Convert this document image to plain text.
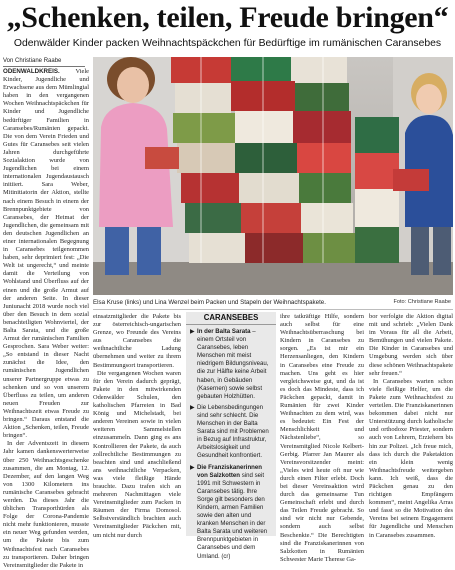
„Schenken, teilen, Freude bringen“
Odenwälder Kinder packen Weihnachtspäckchen für Bedürftige im rumänischen Caransebes
Von Christiane Raabe

ODENWALDKREIS. Viele Kinder, Jugendliche und Erwachsene aus dem Mümlingtal haben in den vergangenen Wochen Weihnachtspäckchen für Kinder und Jugendliche bedürftiger Familien in Caransebes/Rumänien gepackt. Die von dem Verein Frieden und Gutes für Caransebes seit vielen Jahren durchgeführte Sozialaktion wurde von Jugendlichen bei einem internationalen Jugendaustausch initiiert. Sara Weber, Mitinitiatorin der Aktion, stellte nach einem Besuch in einem der Brennpunktgebiete von Caransebes, der Heimat der Jugendlichen, die gemeinsam mit den deutschen Jugendlichen an einer internationalen Begegnung in Caransebes teilgenommen haben, sehr deprimiert fest: „Die Welt ist ungerecht,“ und meinte damit die Verteilung von Wohlstand und Überfluss auf der einen und die große Armut auf der anderen Seite. In dieser Juniunacht 2018 wurde noch viel über den Besuch in dem sozial benachteiligten Wohnviertel, der Balta Sarata, und die große Armut der rumänischen Familien Gesprochen. Sara Weber weiter: „So entstand in dieser Nacht zunächst die Idee, den rumänischen Jugendlichen unserer Partnergruppe etwas zu schenken und so von unserem Überfluss zu teilen, um anderen neuen Freuden zur Weihnachtszeit etwas Freude zu bringen.“ Daraus entstand die Aktion „Schenken, teilen, Freude bringen“.

In der Adventszeit in diesem Jahr kamen dankenswerterweise über 250 Weihnachtsgeschenke zusammen, die am Montag, 12. Dezember, auf den langen Weg von 1300 Kilometern ins rumänische Caransebes gebracht werden. Da dieses Jahr die üblichen Transporthürden als Folge der Corona-Pandemie nicht mehr funktionieren, musste ein neuer Weg gefunden werden, um die Pakete bis zum Weihnachtsfest nach Caransebes zu transportieren. Daher bringen Vereinsmitglieder die Pakete in

Elsa Kruse (links) und Lina Wenzel beim Packen und Stapeln der Weihnachtspakete.	Foto: Christiane Raabe

einsatzmitglieder die Pakete bis zur österreichisch-ungarischen Grenze, wo Freunde des Vereins aus Caransebes die weihnachtliche Ladung übernehmen und weiter zu ihrem Bestimmungsort transportieren.

Die vergangenen Wochen waren für den Verein dadurch geprägt, Pakete in den mitwirkenden Odenwälder Schulen, den katholischen Pfarreien in Bad König und Michelstadt, bei anderen Vereinen sowie in vielen weiteren Sammelstellen einzusammeln. Dann ging es ans Kontrollieren der Pakete, da auch zollrechtliche Bestimmungen zu beachten sind und anschließend ans weihnachtliche Verpacken, was viele fleißige Hände brauchte. Dazu trafen sich an mehreren Nachmittagen viele Vereinsmitglieder zum Packen in Räumen der Firma Domosol. Selbstverständlich brachten auch Vereinsmitglieder Päckchen mit, um nicht nur durch

CARANSEBES
▶ In der Balta Sarata – einem Ortsteil von Caransebes, leben Menschen mit meist niedrigem Bildungsniveau, die zur Hälfte keine Arbeit haben, in Gebäuden (Kasernen) sowie selbst gebauten Holzhütten.
▶ Die Lebensbedingungen sind sehr schlecht. Die Menschen in der Balta Sarata sind mit Problemen in Bezug auf Infrastruktur, Arbeitslosigkeit und Gesundheit konfrontiert.
▶ Die Franziskanerinnen von Salzkotten sind seit 1991 mit Schwestern in Caransebes tätig. Ihre Sorge gilt besonders den Kindern, armen Familien sowie den alten und kranken Menschen in der Balta Sarata und weiteren Brennpunktgebieten in Caransebes und dem Umland. (cr)

ihre tatkräftige Hilfe, sondern auch selbst für eine Weihnachtsüberraschung bei Kindern in Caransebes zu sorgen. „Es ist mir ein Herzensanliegen, den Kindern in Caransebes eine Freude zu machen. Uns geht es hier vergleichsweise gut, und da ist es doch das Mindeste, dass ich Päckchen gepackt, damit in Rumänien für zwei Kinder Weihnachten zu dem wird, was es bedeutet: Ein Fest der Menschlichkeit und Nächstenliebe“, so Vereinsmitglied Nicole Kelbert-Gerbig. Pfarrer Jan Maurer als Vereinsvorsitzender meint: „Vieles wird heute oft nur wie durch einen Filter erlebt. Doch bei dieser Vereinsaktion wird durch das gemeinsame Tun Gemeinschaft erlebt und durch das Teilen Freude gebracht. So sind wir nicht nur Gebende, sondern auch selbst Beschenkte.“ Die Berechtigten sind die Franziskanerinnen von Salzkotten in Rumänien Schwester Marie Therese Ga-

bor verfolgte die Aktion digital mit und schrieb: „Vielen Dank im Voraus für all die Arbeit, Bemühungen und vielen Pakete. Die Kinder in Caransebes und Umgebung werden sich über diese schönen Weihnachtspakete sehr freuen.“

In Caransebes warten schon viele fleißige Helfer, um die Pakete zum Weihnachtsfest zu verteilen. Die Franziskanerinnen bekommen dabei nicht nur Unterstützung durch katholische und orthodoxe Priester, sondern auch von Lehrern, Erziehern bis hin zur Polizei. „Ich freue mich, dass ich durch die Paketaktion ein klein wenig Weihnachtsfreude weitergeben kann. Ich weiß, dass die Päckchen genau zu den richtigen Empfängern kommen“, meint Angelika Arras und fasst so die Motivation des Vereins bei seinem Engagement für Jugendliche und Menschen in Caransebes zusammen.
